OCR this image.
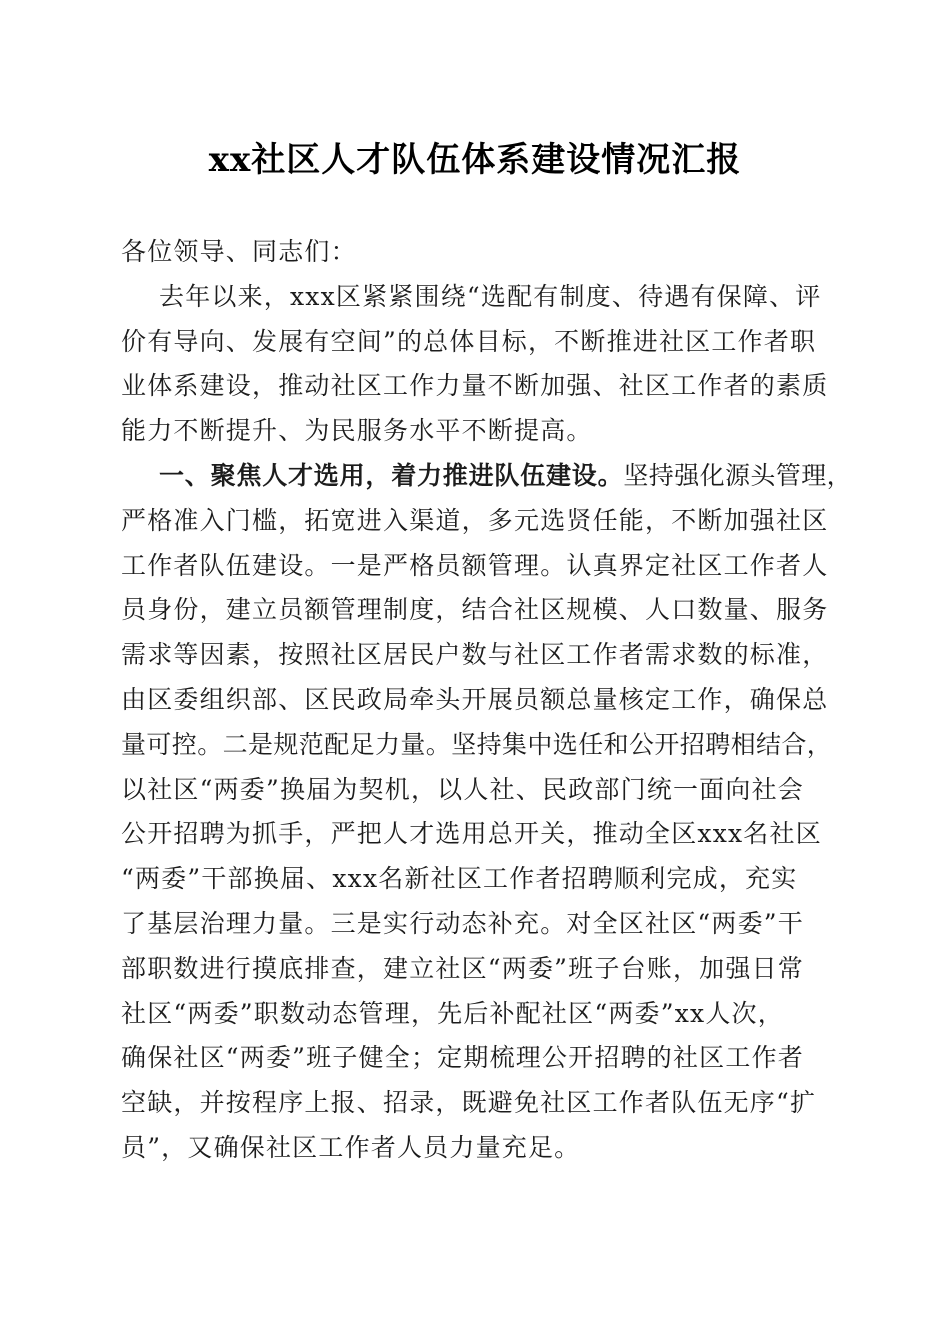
xx社区人才队伍体系建设情况汇报
各位领导、同志们：
去年以来，xxx区紧紧围绕“选配有制度、待遇有保障、评
价有导向、发展有空间”的总体目标，不断推进社区工作者职
业体系建设，推动社区工作力量不断加强、社区工作者的素质
能力不断提升、为民服务水平不断提高。
一、聚焦人才选用，着力推进队伍建设。坚持强化源头管理，
严格准入门槛，拓宽进入渠道，多元选贤任能，不断加强社区
工作者队伍建设。一是严格员额管理。认真界定社区工作者人
员身份，建立员额管理制度，结合社区规模、人口数量、服务
需求等因素，按照社区居民户数与社区工作者需求数的标准，
由区委组织部、区民政局牵头开展员额总量核定工作，确保总
量可控。二是规范配足力量。坚持集中选任和公开招聘相结合，
以社区“两委”换届为契机，以人社、民政部门统一面向社会
公开招聘为抓手，严把人才选用总开关，推动全区xxx名社区
“两委”干部换届、xxx名新社区工作者招聘顺利完成，充实
了基层治理力量。三是实行动态补充。对全区社区“两委”干
部职数进行摸底排查，建立社区“两委”班子台账，加强日常
社区“两委”职数动态管理，先后补配社区“两委”xx人次，
确保社区“两委”班子健全；定期梳理公开招聘的社区工作者
空缺，并按程序上报、招录，既避免社区工作者队伍无序“扩
员”，又确保社区工作者人员力量充足。
